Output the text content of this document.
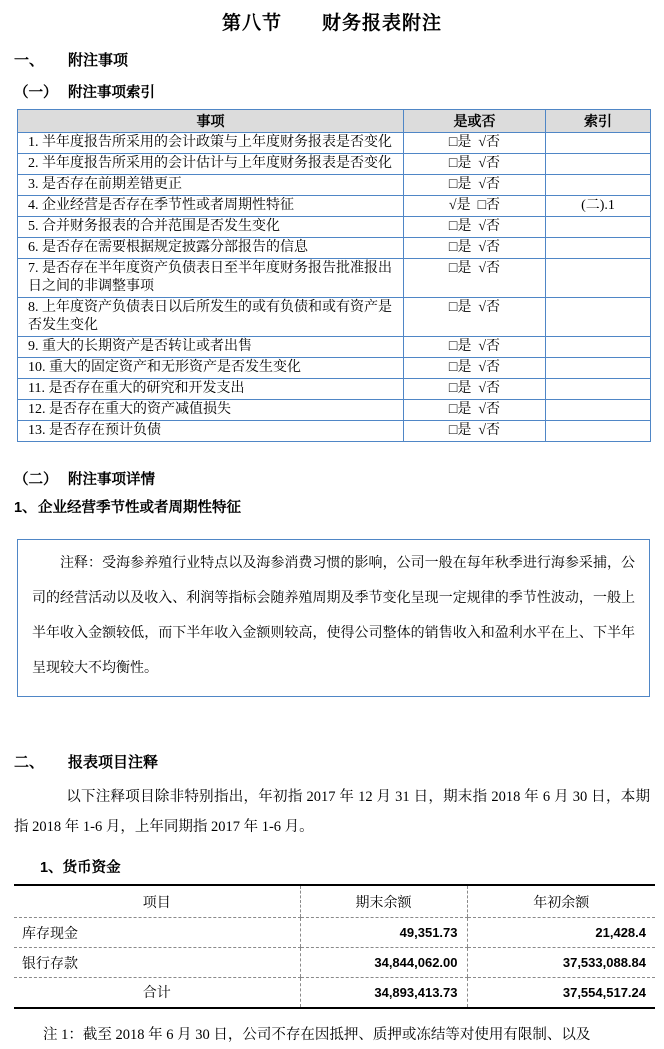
第八节　　财务报表附注
一、	附注事项
（一） 附注事项索引
事项	是或否	索引
1. 半年度报告所采用的会计政策与上年度财务报表是否变化	□是  √否	
2. 半年度报告所采用的会计估计与上年度财务报表是否变化	□是  √否	
3. 是否存在前期差错更正	□是  √否	
4. 企业经营是否存在季节性或者周期性特征	√是  □否	(二).1
5. 合并财务报表的合并范围是否发生变化	□是  √否	
6. 是否存在需要根据规定披露分部报告的信息	□是  √否	
7. 是否存在半年度资产负债表日至半年度财务报告批准报出日之间的非调整事项	□是  √否	
8. 上年度资产负债表日以后所发生的或有负债和或有资产是否发生变化	□是  √否	
9. 重大的长期资产是否转让或者出售	□是  √否	
10. 重大的固定资产和无形资产是否发生变化	□是  √否	
11. 是否存在重大的研究和开发支出	□是  √否	
12. 是否存在重大的资产减值损失	□是  √否	
13. 是否存在预计负债	□是  √否	
（二） 附注事项详情
1、 企业经营季节性或者周期性特征
注释：受海参养殖行业特点以及海参消费习惯的影响，公司一般在每年秋季进行海参采捕，公司的经营活动以及收入、利润等指标会随养殖周期及季节变化呈现一定规律的季节性波动，一般上半年收入金额较低，而下半年收入金额则较高，使得公司整体的销售收入和盈利水平在上、下半年呈现较大不均衡性。
二、	报表项目注释

以下注释项目除非特别指出，年初指 2017 年 12 月 31 日，期末指 2018 年 6 月 30 日，本期指 2018 年 1-6 月，上年同期指 2017 年 1-6 月。

1、货币资金
项目	期末余额	年初余额
库存现金	49,351.73	21,428.4
银行存款	34,844,062.00	37,533,088.84
合计	34,893,413.73	37,554,517.24

注 1：截至 2018 年 6 月 30 日，公司不存在因抵押、质押或冻结等对使用有限制、以及
